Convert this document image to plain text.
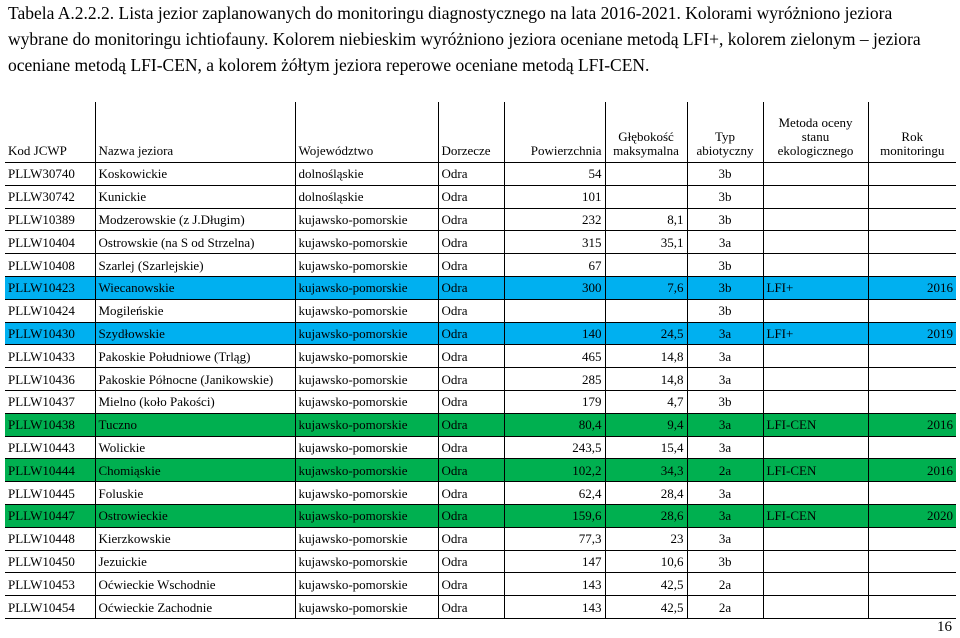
Tabela A.2.2.2. Lista jezior zaplanowanych do monitoringu diagnostycznego na lata 2016-2021. Kolorami wyróżniono jeziora wybrane do monitoringu ichtiofauny. Kolorem niebieskim wyróżniono jeziora oceniane metodą LFI+, kolorem zielonym – jeziora oceniane metodą LFI-CEN, a kolorem żółtym jeziora reperowe oceniane metodą LFI-CEN.
Kod JCWP	Nazwa jeziora	Województwo	Dorzecze	Powierzchnia	Głębokość maksymalna	Typ abiotyczny	Metoda oceny stanu ekologicznego	Rok monitoringu
PLLW30740	Koskowickie	dolnośląskie	Odra	54		3b		
PLLW30742	Kunickie	dolnośląskie	Odra	101		3b		
PLLW10389	Modzerowskie (z J.Długim)	kujawsko-pomorskie	Odra	232	8,1	3b		
PLLW10404	Ostrowskie (na S od Strzelna)	kujawsko-pomorskie	Odra	315	35,1	3a		
PLLW10408	Szarlej (Szarlejskie)	kujawsko-pomorskie	Odra	67		3b		
PLLW10423	Wiecanowskie	kujawsko-pomorskie	Odra	300	7,6	3b	LFI+	2016
PLLW10424	Mogileńskie	kujawsko-pomorskie	Odra			3b		
PLLW10430	Szydłowskie	kujawsko-pomorskie	Odra	140	24,5	3a	LFI+	2019
PLLW10433	Pakoskie Południowe (Trląg)	kujawsko-pomorskie	Odra	465	14,8	3a		
PLLW10436	Pakoskie Północne (Janikowskie)	kujawsko-pomorskie	Odra	285	14,8	3a		
PLLW10437	Mielno (koło Pakości)	kujawsko-pomorskie	Odra	179	4,7	3b		
PLLW10438	Tuczno	kujawsko-pomorskie	Odra	80,4	9,4	3a	LFI-CEN	2016
PLLW10443	Wolickie	kujawsko-pomorskie	Odra	243,5	15,4	3a		
PLLW10444	Chomiąskie	kujawsko-pomorskie	Odra	102,2	34,3	2a	LFI-CEN	2016
PLLW10445	Foluskie	kujawsko-pomorskie	Odra	62,4	28,4	3a		
PLLW10447	Ostrowieckie	kujawsko-pomorskie	Odra	159,6	28,6	3a	LFI-CEN	2020
PLLW10448	Kierzkowskie	kujawsko-pomorskie	Odra	77,3	23	3a		
PLLW10450	Jezuickie	kujawsko-pomorskie	Odra	147	10,6	3b		
PLLW10453	Oćwieckie Wschodnie	kujawsko-pomorskie	Odra	143	42,5	2a		
PLLW10454	Oćwieckie Zachodnie	kujawsko-pomorskie	Odra	143	42,5	2a		
16
